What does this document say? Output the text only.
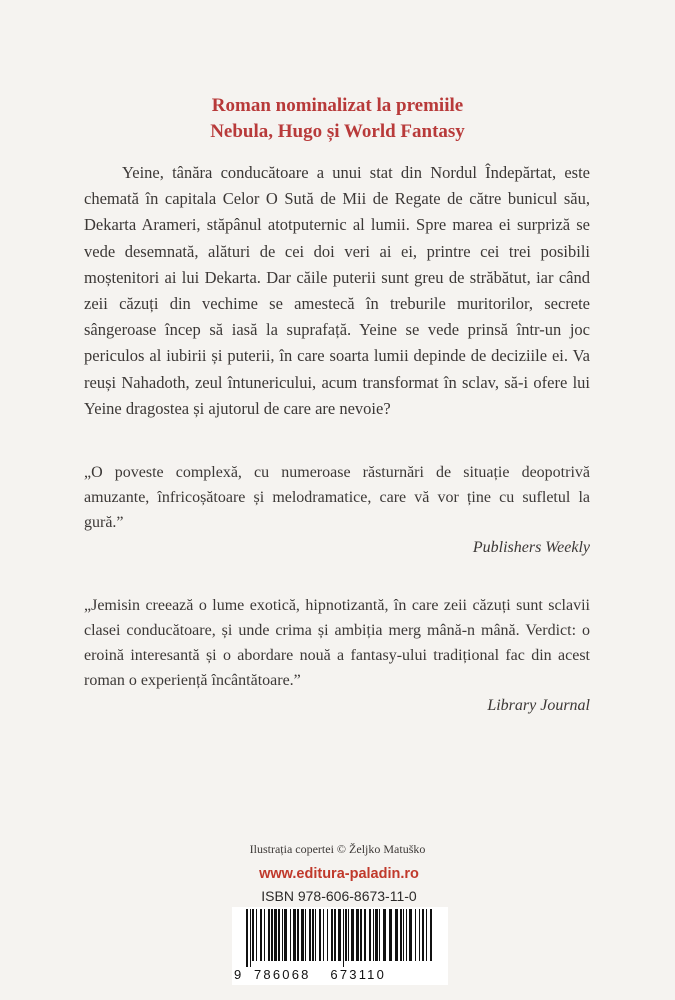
Roman nominalizat la premiile
Nebula, Hugo și World Fantasy

Yeine, tânăra conducătoare a unui stat din Nordul Îndepărtat, este chemată în capitala Celor O Sută de Mii de Regate de către bunicul său, Dekarta Arameri, stăpânul atotputernic al lumii. Spre marea ei surpriză se vede desemnată, alături de cei doi veri ai ei, printre cei trei posibili moștenitori ai lui Dekarta. Dar căile puterii sunt greu de străbătut, iar când zeii căzuți din vechime se amestecă în treburile muritorilor, secrete sângeroase încep să iasă la suprafață. Yeine se vede prinsă într-un joc periculos al iubirii și puterii, în care soarta lumii depinde de deciziile ei. Va reuși Nahadoth, zeul întunericului, acum transformat în sclav, să-i ofere lui Yeine dragostea și ajutorul de care are nevoie?

„O poveste complexă, cu numeroase răsturnări de situație deopotrivă amuzante, înfricoșătoare și melodramatice, care vă vor ține cu sufletul la gură.”

Publishers Weekly

„Jemisin creează o lume exotică, hipnotizantă, în care zeii căzuți sunt sclavii clasei conducătoare, și unde crima și ambiția merg mână-n mână. Verdict: o eroină interesantă și o abordare nouă a fantasy-ului tradițional fac din acest roman o experiență încântătoare.”

Library Journal
Ilustrația copertei © Željko Matuško
www.editura-paladin.ro
ISBN 978-606-8673-11-0
9 786068 673110
